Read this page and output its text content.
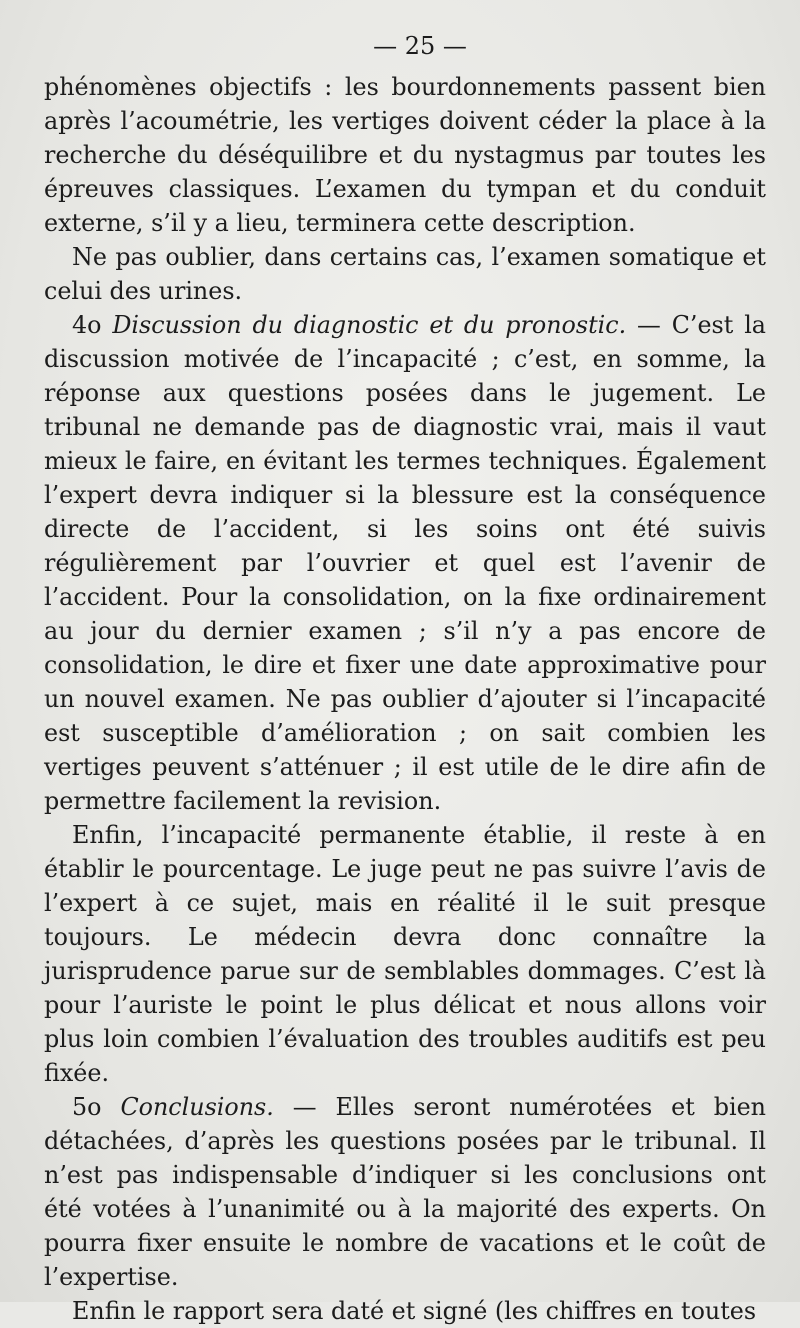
— 25 —

phénomènes objectifs : les bourdonnements passent bien après l’acoumétrie, les vertiges doivent céder la place à la recherche du déséquilibre et du nystagmus par toutes les épreuves classiques. L’examen du tympan et du conduit externe, s’il y a lieu, terminera cette description.

Ne pas oublier, dans certains cas, l’examen somatique et celui des urines.

4o Discussion du diagnostic et du pronostic. — C’est la discussion motivée de l’incapacité ; c’est, en somme, la réponse aux questions posées dans le jugement. Le tribunal ne demande pas de diagnostic vrai, mais il vaut mieux le faire, en évitant les termes techniques. Également l’expert devra indiquer si la blessure est la conséquence directe de l’accident, si les soins ont été suivis régulièrement par l’ouvrier et quel est l’avenir de l’accident. Pour la consolidation, on la fixe ordinairement au jour du dernier examen ; s’il n’y a pas encore de consolidation, le dire et fixer une date approximative pour un nouvel examen. Ne pas oublier d’ajouter si l’incapacité est susceptible d’amélioration ; on sait combien les vertiges peuvent s’atténuer ; il est utile de le dire afin de permettre facilement la revision.

Enfin, l’incapacité permanente établie, il reste à en établir le pourcentage. Le juge peut ne pas suivre l’avis de l’expert à ce sujet, mais en réalité il le suit presque toujours. Le médecin devra donc connaître la jurisprudence parue sur de semblables dommages. C’est là pour l’auriste le point le plus délicat et nous allons voir plus loin combien l’évaluation des troubles auditifs est peu fixée.

5o Conclusions. — Elles seront numérotées et bien détachées, d’après les questions posées par le tribunal. Il n’est pas indispensable d’indiquer si les conclusions ont été votées à l’unanimité ou à la majorité des experts. On pourra fixer ensuite le nombre de vacations et le coût de l’expertise.

Enfin le rapport sera daté et signé (les chiffres en toutes
